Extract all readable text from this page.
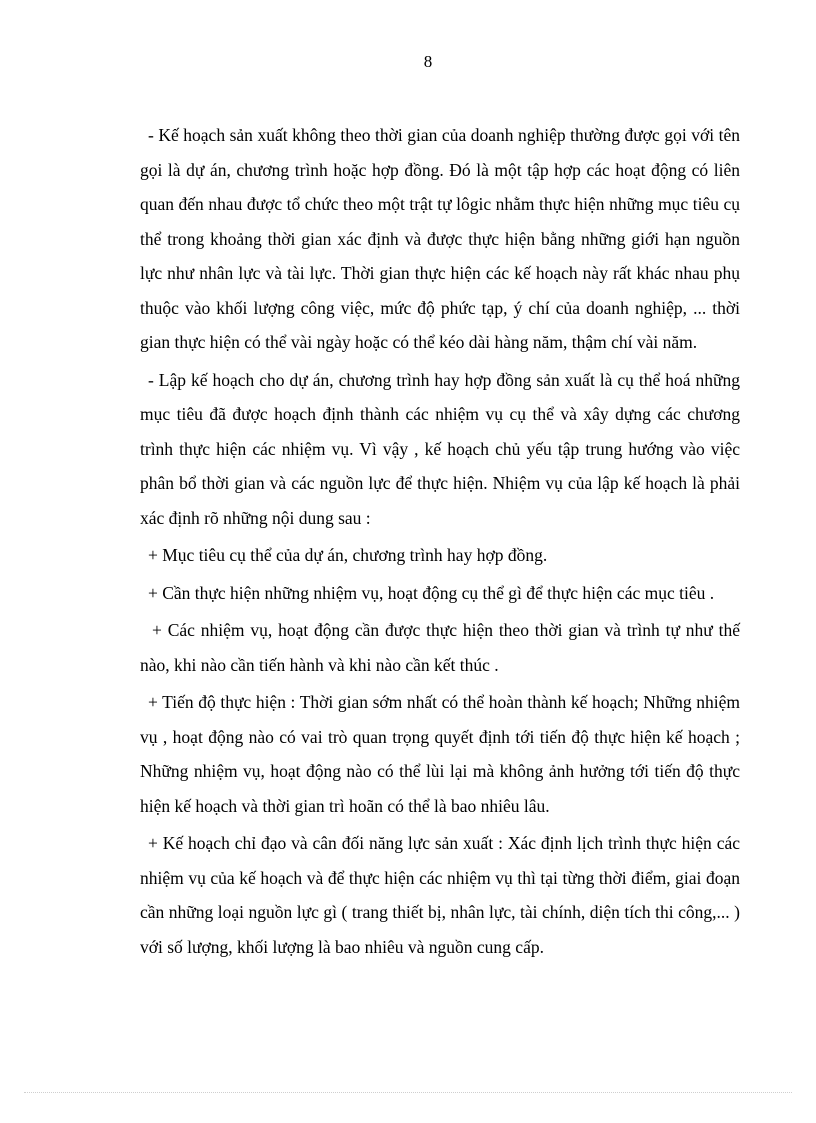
8

- Kế hoạch sản xuất không theo thời gian của doanh nghiệp thường được gọi với tên gọi là dự án, chương trình hoặc hợp đồng. Đó là một tập hợp các hoạt động có liên quan đến nhau được tổ chức theo một trật tự lôgic nhằm thực hiện những mục tiêu cụ thể trong khoảng thời gian xác định và được thực hiện bằng những giới hạn nguồn lực như nhân lực và tài lực. Thời gian thực hiện các kế hoạch này rất khác nhau phụ thuộc vào khối lượng công việc, mức độ phức tạp, ý chí của doanh nghiệp, ... thời gian thực hiện có thể vài ngày hoặc có thể kéo dài hàng năm, thậm chí vài năm.

- Lập kế hoạch cho dự án, chương trình hay hợp đồng sản xuất là cụ thể hoá những mục tiêu đã được hoạch định thành các nhiệm vụ cụ thể và xây dựng các chương trình thực hiện các nhiệm vụ. Vì vậy , kế hoạch chủ yếu tập trung hướng vào việc phân bổ thời gian và các nguồn lực để thực hiện. Nhiệm vụ của lập kế hoạch là phải xác định rõ những nội dung sau :

+ Mục tiêu cụ thể của dự án, chương trình hay hợp đồng.

+ Cần thực hiện những nhiệm vụ, hoạt động cụ thể gì để thực hiện các mục tiêu .

+ Các nhiệm vụ, hoạt động cần được thực hiện theo thời gian và trình tự như thế nào, khi nào cần tiến hành và khi nào cần kết thúc .

+ Tiến độ thực hiện : Thời gian sớm nhất có thể hoàn thành kế hoạch; Những nhiệm vụ , hoạt động nào có vai trò quan trọng quyết định tới tiến độ thực hiện kế hoạch ; Những nhiệm vụ, hoạt động nào có thể lùi lại mà không ảnh hưởng tới tiến độ thực hiện kế hoạch và thời gian trì hoãn có thể là bao nhiêu lâu.

+ Kế hoạch chỉ đạo và cân đối năng lực sản xuất : Xác định lịch trình thực hiện các nhiệm vụ của kế hoạch và để thực hiện các nhiệm vụ thì tại từng thời điểm, giai đoạn cần những loại nguồn lực gì ( trang thiết bị, nhân lực, tài chính, diện tích thi công,... ) với số lượng, khối lượng là bao nhiêu và nguồn cung cấp.
